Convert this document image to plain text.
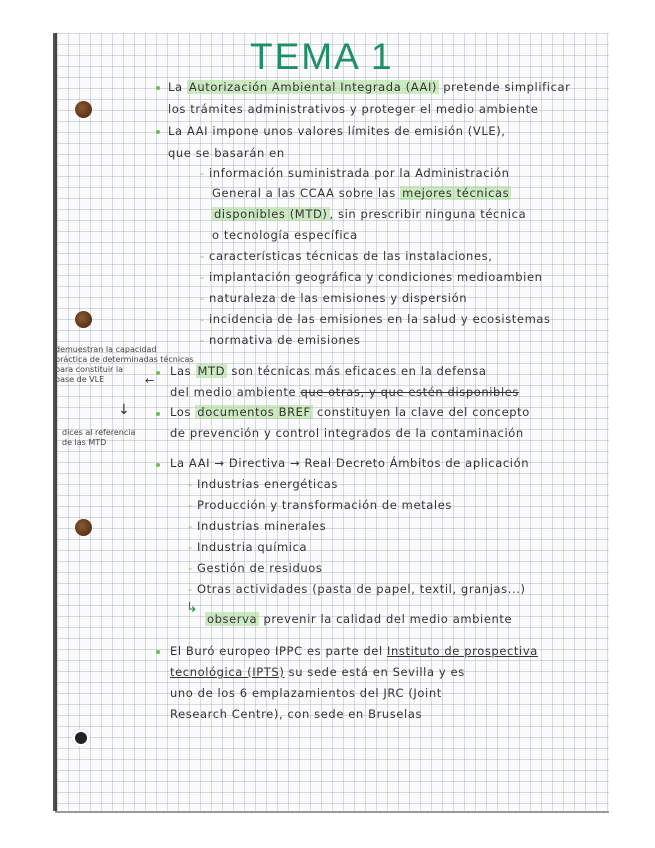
TEMA 1
La Autorización Ambiental Integrada (AAI) pretende simplificar
los trámites administrativos y proteger el medio ambiente
La AAI impone unos valores límites de emisión (VLE),
que se basarán en
- información suministrada por la Administración
General a las CCAA sobre las mejores técnicas
disponibles (MTD) , sin prescribir ninguna técnica
o tecnología específica
- características técnicas de las instalaciones,
- implantación geográfica y condiciones medioambien
- naturaleza de las emisiones y dispersión
- incidencia de las emisiones en la salud y ecosistemas
- normativa de emisiones
demuestran la capacidad
práctica de determinadas técnicas
para constituir la
base de VLE	←
↓
Las MTD son técnicas más eficaces en la defensa
del medio ambiente que otras, y que estén disponibles
dices al referencia
de las MTD
Los documentos BREF constituyen la clave del concepto
de prevención y control integrados de la contaminación
La AAI → Directiva → Real Decreto Ámbitos de aplicación
- Industrias energéticas
- Producción y transformación de metales
- Industrias minerales
- Industria química
- Gestión de residuos
- Otras actividades (pasta de papel, textil, granjas...)
↳
observa prevenir la calidad del medio ambiente
El Buró europeo IPPC es parte del Instituto de prospectiva
tecnológica (IPTS) su sede está en Sevilla y es
uno de los 6 emplazamientos del JRC (Joint
Research Centre), con sede en Bruselas
